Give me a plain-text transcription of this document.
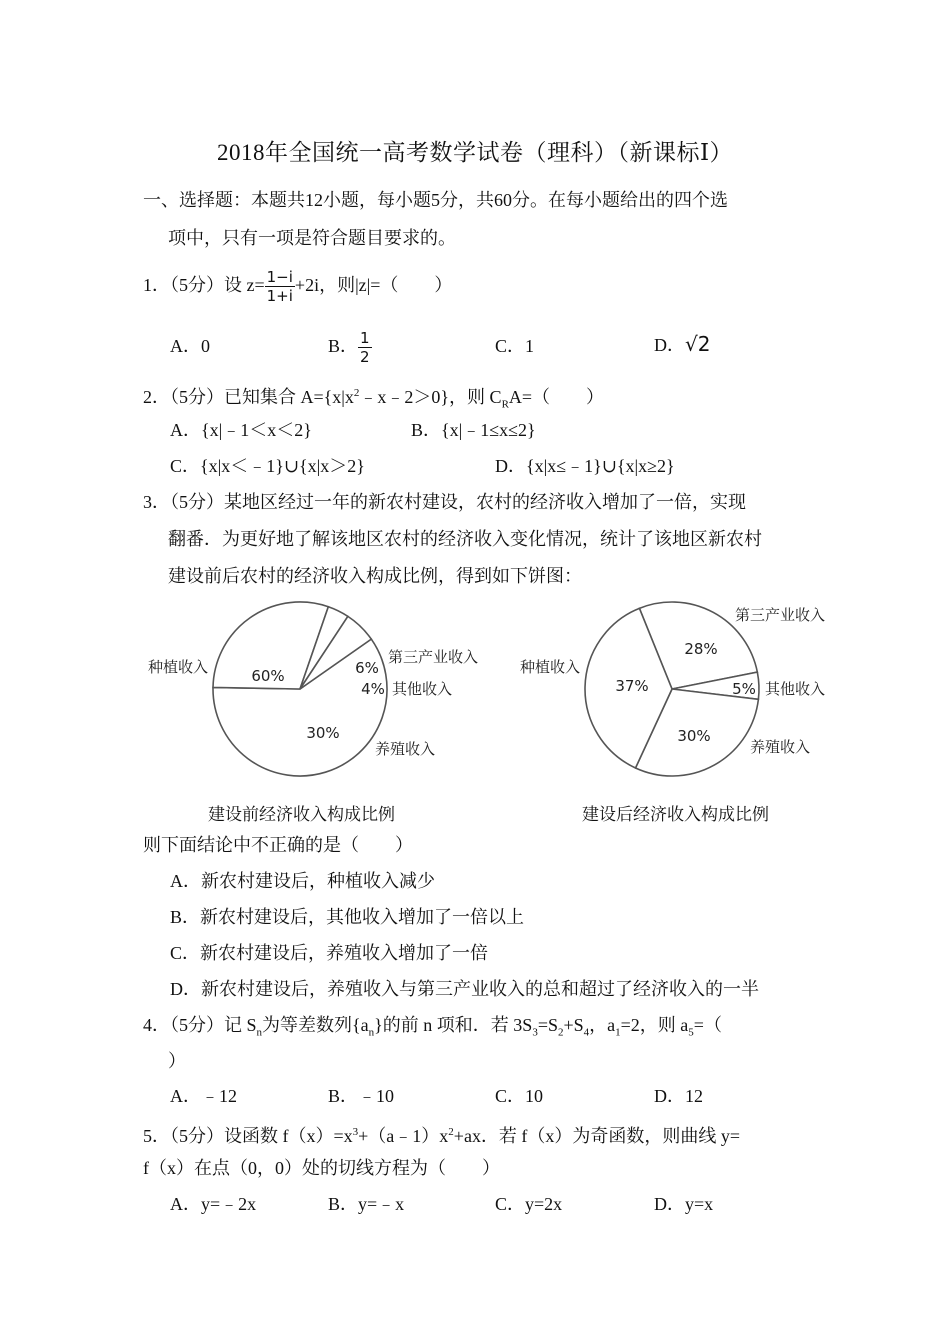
2018年全国统一高考数学试卷（理科）（新课标Ⅰ）
一、选择题：本题共12小题，每小题5分，共60分。在每小题给出的四个选
项中，只有一项是符合题目要求的。
1．（5分）设 $z= \frac{1-i}{1+i} +2i$，则|z|=（　　）
A．0	B． $\frac{1}{2}$	C．1	D．√2
2．（5分）已知集合 $A=\{x|x^2﹣x﹣2>0\}$，则 $C_RA=$（　　）
A．{x|﹣1＜x＜2}	B．{x|﹣1≤x≤2}
C．{x|x＜﹣1}∪{x|x＞2}	D．{x|x≤﹣1}∪{x|x≥2}
3．（5分）某地区经过一年的新农村建设，农村的经济收入增加了一倍，实现
翻番．为更好地了解该地区农村的经济收入变化情况，统计了该地区新农村
建设前后农村的经济收入构成比例，得到如下饼图：
种植收入	60%
第三产业收入
6%
其他收入
4%
养殖收入
30%
种植收入
37%
第三产业收入
28%
其他收入
5%
养殖收入
30%
建设前经济收入构成比例	建设后经济收入构成比例
则下面结论中不正确的是（　　）
A．新农村建设后，种植收入减少
B．新农村建设后，其他收入增加了一倍以上
C．新农村建设后，养殖收入增加了一倍
D．新农村建设后，养殖收入与第三产业收入的总和超过了经济收入的一半
4．（5分）记 $S_n$为等差数列$\{a_n\}$的前 n 项和．若 $3S_3=S_2+S_4$，$a_1=2$，则 $a_5=$（
）
A．﹣12	B．﹣10	C．10	D．12
5．（5分）设函数 $f(x)=x^3+(a﹣1)x^2+ax$．若 f（x）为奇函数，则曲线 y=
f（x）在点（0，0）处的切线方程为（　　）
A．y=﹣2x	B．y=﹣x	C．y=2x	D．y=x
